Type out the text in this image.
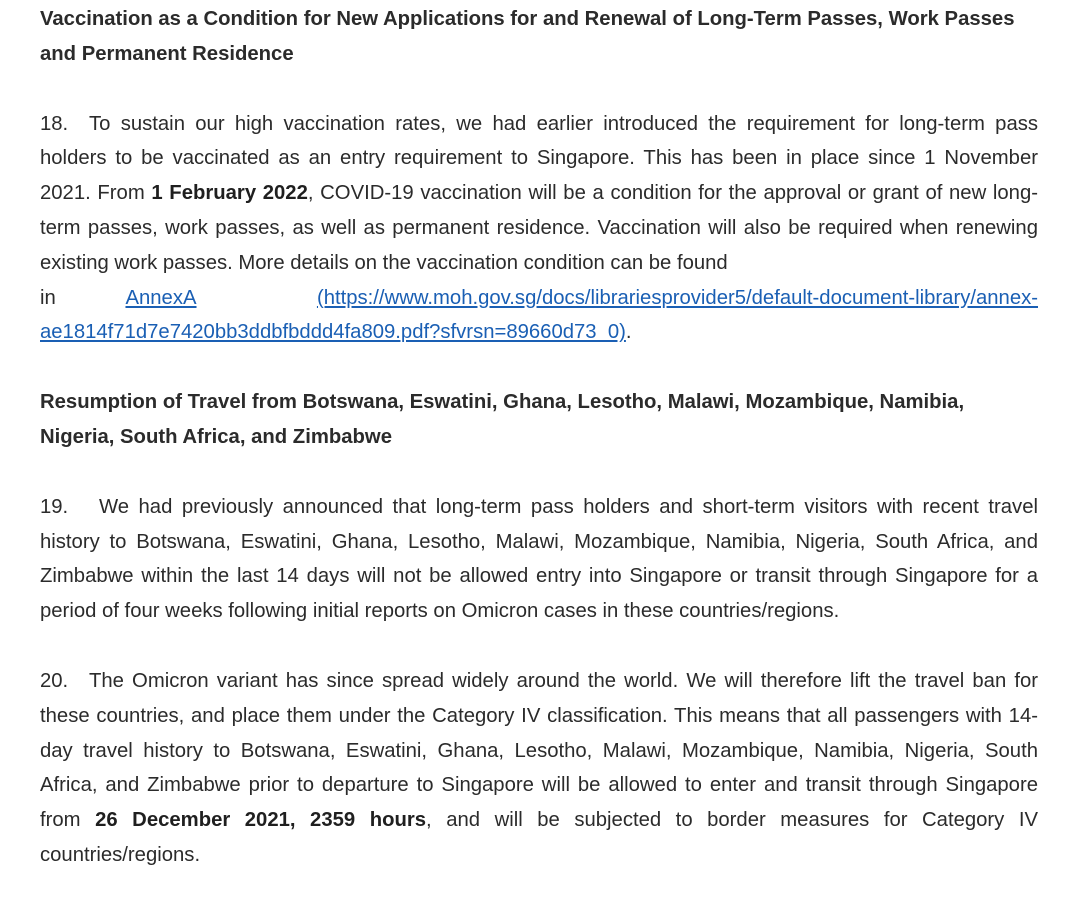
Vaccination as a Condition for New Applications for and Renewal of Long-Term Passes, Work Passes and Permanent Residence

18. To sustain our high vaccination rates, we had earlier introduced the requirement for long-term pass holders to be vaccinated as an entry requirement to Singapore. This has been in place since 1 November 2021. From 1 February 2022, COVID-19 vaccination will be a condition for the approval or grant of new long-term passes, work passes, as well as permanent residence. Vaccination will also be required when renewing existing work passes. More details on the vaccination condition can be found

in	AnnexA	(https://www.moh.gov.sg/docs/librariesprovider5/default-document-library/annex-
ae1814f71d7e7420bb3ddbfbddd4fa809.pdf?sfvrsn=89660d73_0).

Resumption of Travel from Botswana, Eswatini, Ghana, Lesotho, Malawi, Mozambique, Namibia, Nigeria, South Africa, and Zimbabwe

19. We had previously announced that long-term pass holders and short-term visitors with recent travel history to Botswana, Eswatini, Ghana, Lesotho, Malawi, Mozambique, Namibia, Nigeria, South Africa, and Zimbabwe within the last 14 days will not be allowed entry into Singapore or transit through Singapore for a period of four weeks following initial reports on Omicron cases in these countries/regions.

20. The Omicron variant has since spread widely around the world. We will therefore lift the travel ban for these countries, and place them under the Category IV classification. This means that all passengers with 14-day travel history to Botswana, Eswatini, Ghana, Lesotho, Malawi, Mozambique, Namibia, Nigeria, South Africa, and Zimbabwe prior to departure to Singapore will be allowed to enter and transit through Singapore from 26 December 2021, 2359 hours, and will be subjected to border measures for Category IV countries/regions.
